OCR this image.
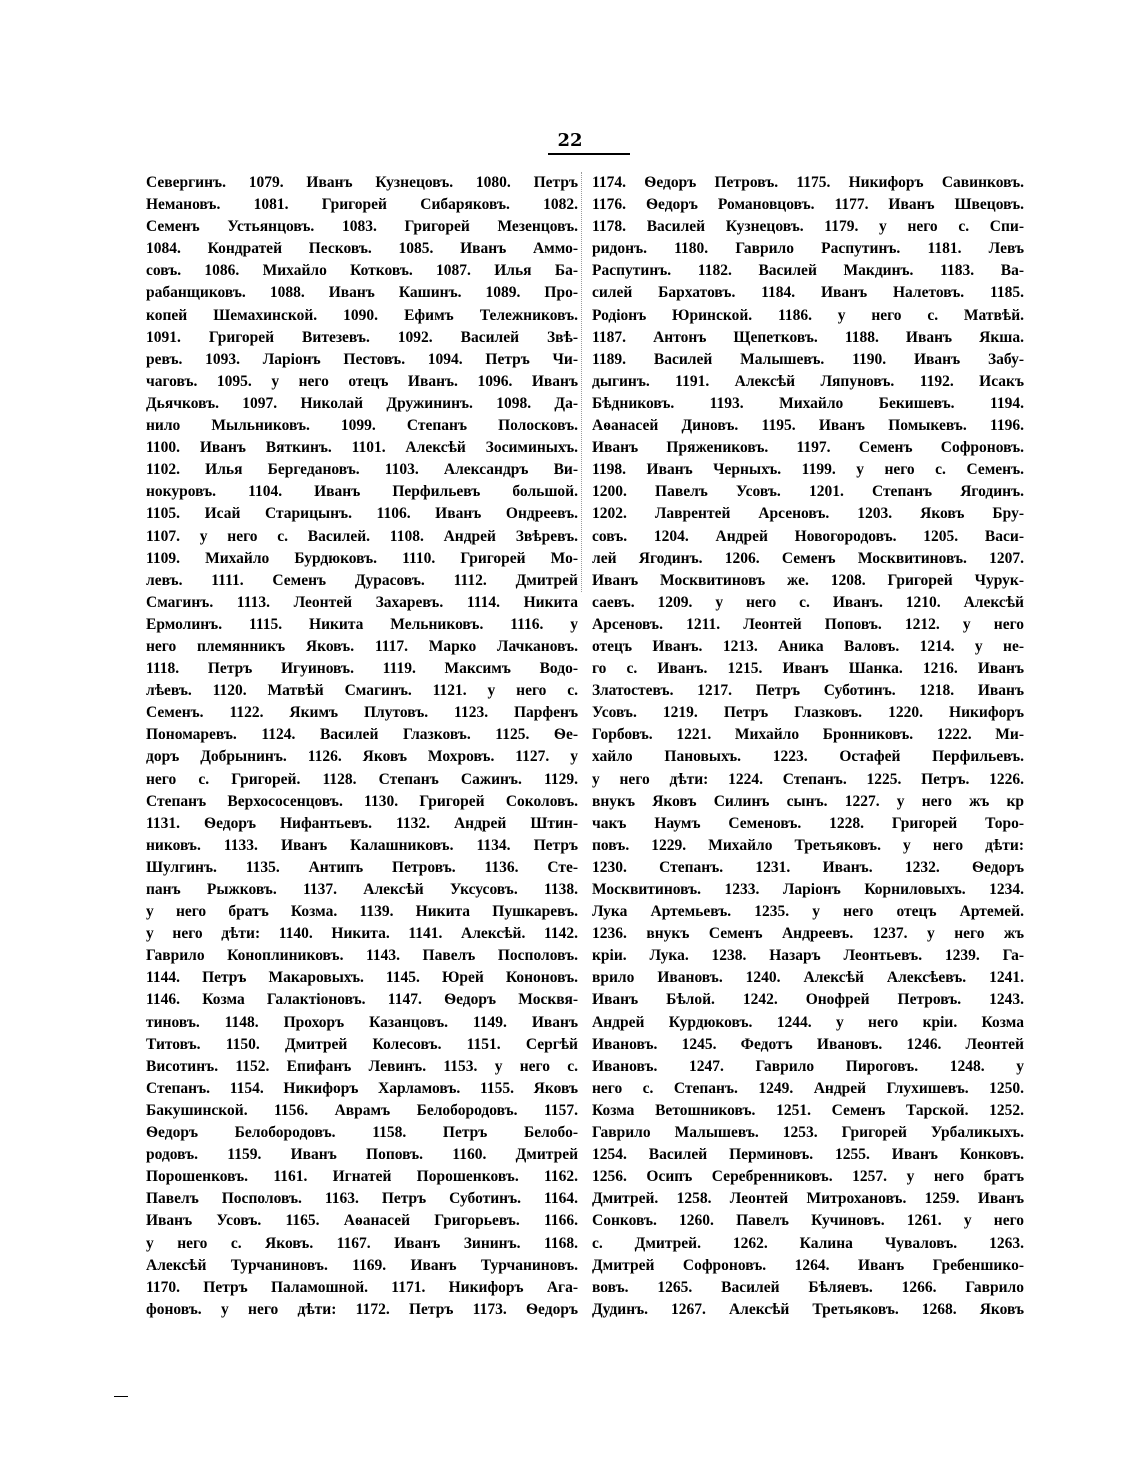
22
Севергинъ. 1079. Иванъ Кузнецовъ. 1080. Петръ
Немановъ. 1081. Григорей Сибаряковъ. 1082.
Семенъ Устьянцовъ. 1083. Григорей Мезенцовъ.
1084. Кондратей Песковъ. 1085. Иванъ Аммо-
совъ. 1086. Михайло Котковъ. 1087. Илья Ба-
рабанщиковъ. 1088. Иванъ Кашинъ. 1089. Про-
копей Шемахинской. 1090. Ефимъ Тележниковъ.
1091. Григорей Витезевъ. 1092. Василей Звѣ-
ревъ. 1093. Ларіонъ Пестовъ. 1094. Петръ Чи-
чаговъ. 1095. у него отецъ Иванъ. 1096. Иванъ
Дьячковъ. 1097. Николай Дружининъ. 1098. Да-
нило Мыльниковъ. 1099. Степанъ Полосковъ.
1100. Иванъ Вяткинъ. 1101. Алексѣй Зосиминыхъ.
1102. Илья Бергедановъ. 1103. Александръ Ви-
нокуровъ. 1104. Иванъ Перфильевъ большой.
1105. Исай Старицынъ. 1106. Иванъ Ондреевъ.
1107. у него с. Василей. 1108. Андрей Звѣревъ.
1109. Михайло Бурдюковъ. 1110. Григорей Мо-
левъ. 1111. Семенъ Дурасовъ. 1112. Дмитрей
Смагинъ. 1113. Леонтей Захаревъ. 1114. Никита
Ермолинъ. 1115. Никита Мельниковъ. 1116. у
него племянникъ Яковъ. 1117. Марко Лачкановъ.
1118. Петръ Игуиновъ. 1119. Максимъ Водо-
лѣевъ. 1120. Матвѣй Смагинъ. 1121. у него с.
Семенъ. 1122. Якимъ Плутовъ. 1123. Парфенъ
Пономаревъ. 1124. Василей Глазковъ. 1125. Ѳе-
доръ Добрынинъ. 1126. Яковъ Мохровъ. 1127. у
него с. Григорей. 1128. Степанъ Сажинъ. 1129.
Степанъ Верхососенцовъ. 1130. Григорей Соколовъ.
1131. Ѳедоръ Нифантьевъ. 1132. Андрей Штин-
никовъ. 1133. Иванъ Калашниковъ. 1134. Петръ
Шулгинъ. 1135. Антипъ Петровъ. 1136. Сте-
панъ Рыжковъ. 1137. Алексѣй Уксусовъ. 1138.
у него братъ Козма. 1139. Никита Пушкаревъ.
у него дѣти: 1140. Никита. 1141. Алексѣй. 1142.
Гаврило Коноплиниковъ. 1143. Павелъ Посполовъ.
1144. Петръ Макаровыхъ. 1145. Юрей Кононовъ.
1146. Козма Галактіоновъ. 1147. Ѳедоръ Москвя-
тиновъ. 1148. Прохоръ Казанцовъ. 1149. Иванъ
Титовъ. 1150. Дмитрей Колесовъ. 1151. Сергѣй
Висотинъ. 1152. Епифанъ Левинъ. 1153. у него с.
Степанъ. 1154. Никифоръ Харламовъ. 1155. Яковъ
Бакушинской. 1156. Аврамъ Белобородовъ. 1157.
Ѳедоръ Белобородовъ. 1158. Петръ Белобо-
родовъ. 1159. Иванъ Поповъ. 1160. Дмитрей
Порошенковъ. 1161. Игнатей Порошенковъ. 1162.
Павелъ Посполовъ. 1163. Петръ Суботинъ. 1164.
Иванъ Усовъ. 1165. Аѳанасей Григорьевъ. 1166.
у него с. Яковъ. 1167. Иванъ Зининъ. 1168.
Алексѣй Турчаниновъ. 1169. Иванъ Турчаниновъ.
1170. Петръ Паламошной. 1171. Никифоръ Ага-
фоновъ. у него дѣти: 1172. Петръ 1173. Ѳедоръ
1174. Ѳедоръ Петровъ. 1175. Никифоръ Савинковъ.
1176. Ѳедоръ Романовцовъ. 1177. Иванъ Швецовъ.
1178. Василей Кузнецовъ. 1179. у него с. Спи-
ридонъ. 1180. Гаврило Распутинъ. 1181. Левъ
Распутинъ. 1182. Василей Макдинъ. 1183. Ва-
силей Бархатовъ. 1184. Иванъ Налетовъ. 1185.
Родіонъ Юринской. 1186. у него с. Матвѣй.
1187. Антонъ Щепетковъ. 1188. Иванъ Якша.
1189. Василей Малышевъ. 1190. Иванъ Забу-
дыгинъ. 1191. Алексѣй Ляпуновъ. 1192. Исакъ
Бѣдниковъ. 1193. Михайло Бекишевъ. 1194.
Аѳанасей Диновъ. 1195. Иванъ Помыкевъ. 1196.
Иванъ Пряжениковъ. 1197. Семенъ Софроновъ.
1198. Иванъ Черныхъ. 1199. у него с. Семенъ.
1200. Павелъ Усовъ. 1201. Степанъ Ягодинъ.
1202. Лаврентей Арсеновъ. 1203. Яковъ Бру-
совъ. 1204. Андрей Новогородовъ. 1205. Васи-
лей Ягодинъ. 1206. Семенъ Москвитиновъ. 1207.
Иванъ Москвитиновъ же. 1208. Григорей Чурук-
саевъ. 1209. у него с. Иванъ. 1210. Алексѣй
Арсеновъ. 1211. Леонтей Поповъ. 1212. у него
отецъ Иванъ. 1213. Аника Валовъ. 1214. у не-
го с. Иванъ. 1215. Иванъ Шанка. 1216. Иванъ
Златостевъ. 1217. Петръ Суботинъ. 1218. Иванъ
Усовъ. 1219. Петръ Глазковъ. 1220. Никифоръ
Горбовъ. 1221. Михайло Бронниковъ. 1222. Ми-
хайло Пановыхъ. 1223. Остафей Перфильевъ.
у него дѣти: 1224. Степанъ. 1225. Петръ. 1226.
внукъ Яковъ Силинъ сынъ. 1227. у него жъ кр
чакъ Наумъ Семеновъ. 1228. Григорей Торо-
повъ. 1229. Михайло Третьяковъ. у него дѣти:
1230. Степанъ. 1231. Иванъ. 1232. Ѳедоръ
Москвитиновъ. 1233. Ларіонъ Корниловыхъ. 1234.
Лука Артемьевъ. 1235. у него отецъ Артемей.
1236. внукъ Семенъ Андреевъ. 1237. у него жъ
крiи. Лука. 1238. Назаръ Леонтьевъ. 1239. Га-
врило Ивановъ. 1240. Алексѣй Алексѣевъ. 1241.
Иванъ Бѣлой. 1242. Онофрей Петровъ. 1243.
Андрей Курдюковъ. 1244. у него крiи. Козма
Ивановъ. 1245. Федотъ Ивановъ. 1246. Леонтей
Ивановъ. 1247. Гаврило Пироговъ. 1248. у
него с. Степанъ. 1249. Андрей Глухишевъ. 1250.
Козма Ветошниковъ. 1251. Семенъ Тарской. 1252.
Гаврило Малышевъ. 1253. Григорей Урбаликыхъ.
1254. Василей Перминовъ. 1255. Иванъ Конковъ.
1256. Осипъ Серебренниковъ. 1257. у него братъ
Дмитрей. 1258. Леонтей Митрохановъ. 1259. Иванъ
Сонковъ. 1260. Павелъ Кучиновъ. 1261. у него
с. Дмитрей. 1262. Калина Чуваловъ. 1263.
Дмитрей Софроновъ. 1264. Иванъ Гребеншико-
вовъ. 1265. Василей Бѣляевъ. 1266. Гаврило
Дудинъ. 1267. Алексѣй Третьяковъ. 1268. Яковъ
